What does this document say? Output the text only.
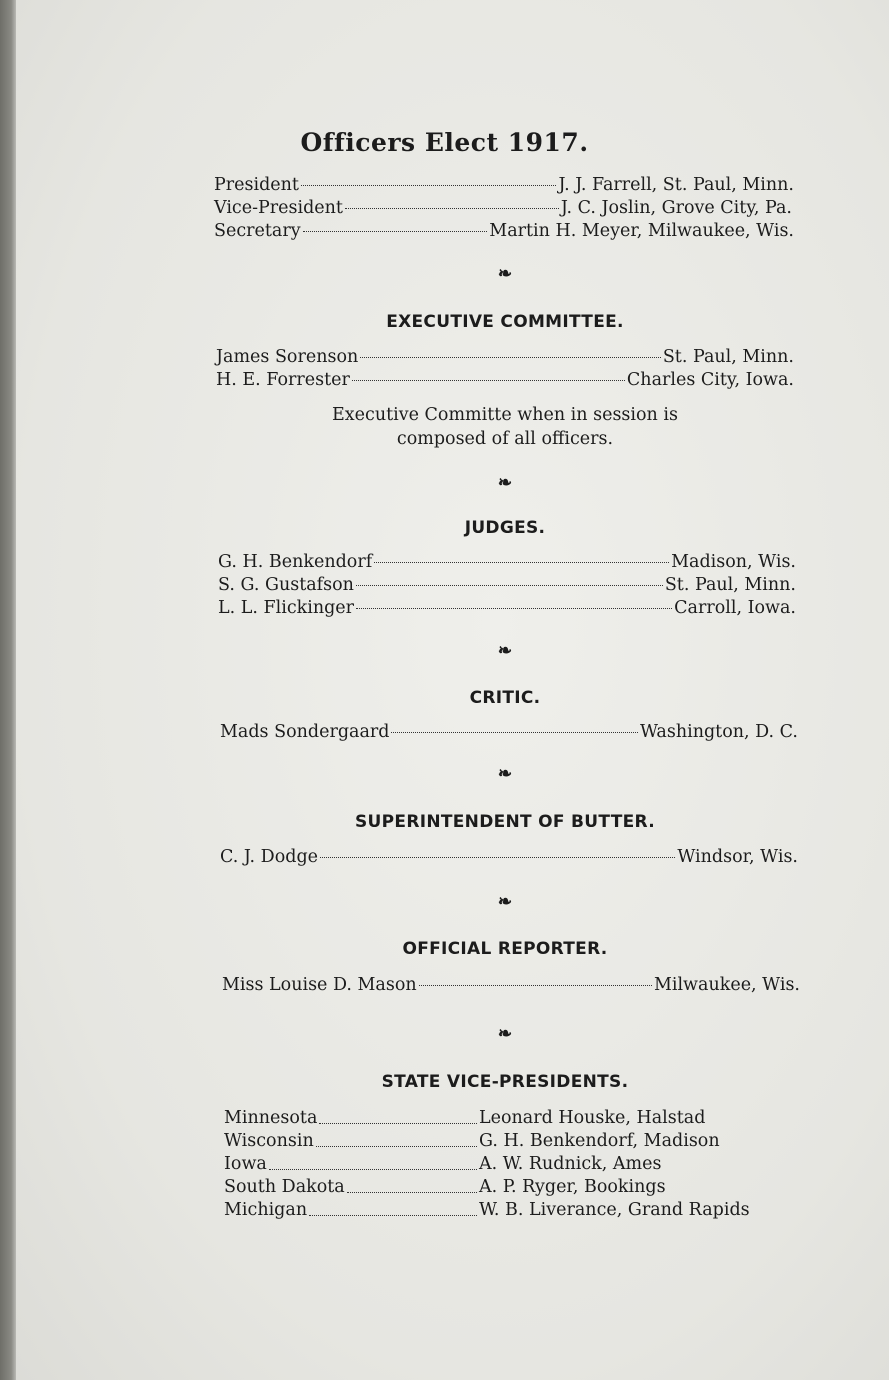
Officers Elect 1917.
President	J. J. Farrell, St. Paul, Minn.
Vice-President	J. C. Joslin, Grove City, Pa.
Secretary	Martin H. Meyer, Milwaukee, Wis.
❧
EXECUTIVE COMMITTEE.
James Sorenson	St. Paul, Minn.
H. E. Forrester	Charles City, Iowa.
Executive Committe when in session is
composed of all officers.
❧
JUDGES.
G. H. Benkendorf	Madison, Wis.
S. G. Gustafson	St. Paul, Minn.
L. L. Flickinger	Carroll, Iowa.
❧
CRITIC.
Mads Sondergaard	Washington, D. C.
❧
SUPERINTENDENT OF BUTTER.
C. J. Dodge	Windsor, Wis.
❧
OFFICIAL REPORTER.
Miss Louise D. Mason	Milwaukee, Wis.
❧
STATE VICE-PRESIDENTS.
Minnesota	Leonard Houske, Halstad
Wisconsin	G. H. Benkendorf, Madison
Iowa	A. W. Rudnick, Ames
South Dakota	A. P. Ryger, Bookings
Michigan	W. B. Liverance, Grand Rapids
